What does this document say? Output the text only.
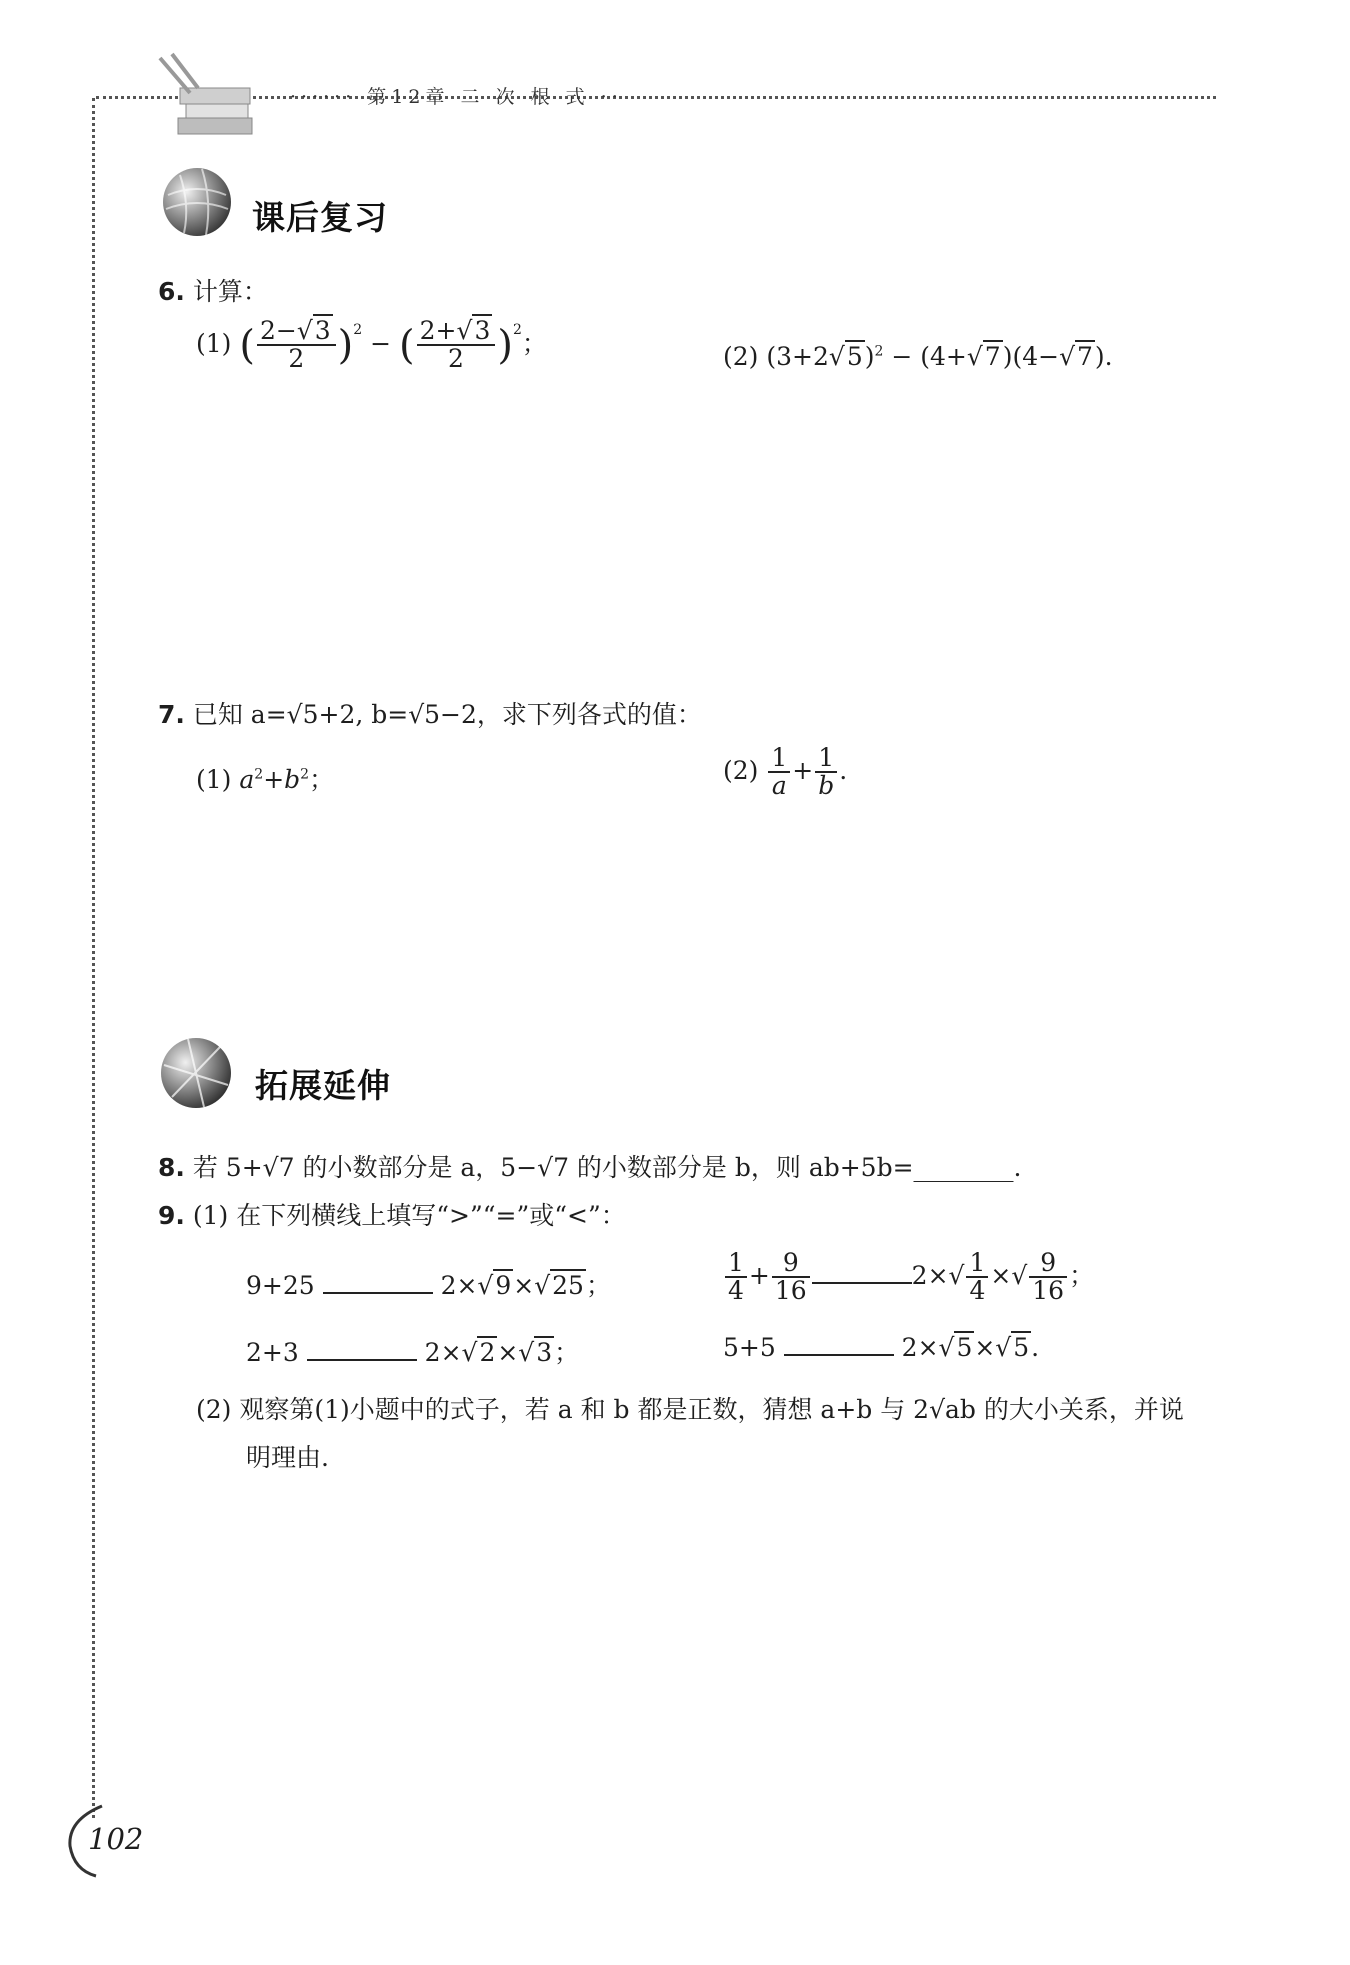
······ 第12章 二 次 根 式 ··
课后复习
6. 计算：
(1) ( $\frac{2-√3}{2} )^2$ − ( $\frac{2+√3}{2} )^2$；	(2) $(3+2√5)^2 - (4+√7)(4-√7)$.
7. 已知 a=√5+2, b=√5−2，求下列各式的值：
(1) $a^2+b^2$；	$(2) \frac{1}{a} + \frac{1}{b}$ .
拓展延伸
8. 若 5+√7 的小数部分是 a，5−√7 的小数部分是 b，则 ab+5b=________.
9. (1) 在下列横线上填写“>”“=”或“<”：
9+25	2×√9×√25；	$\frac{1}{4} + \frac{9}{16}$	$2\times√ \frac{1}{4}$ ×√ $\frac{9}{16}$ ；
2+3	2×√2×√3；	5+5	2×√5×√5.
(2) 观察第(1)小题中的式子，若 a 和 b 都是正数，猜想 a+b 与 2√ab 的大小关系，并说
明理由.
102
